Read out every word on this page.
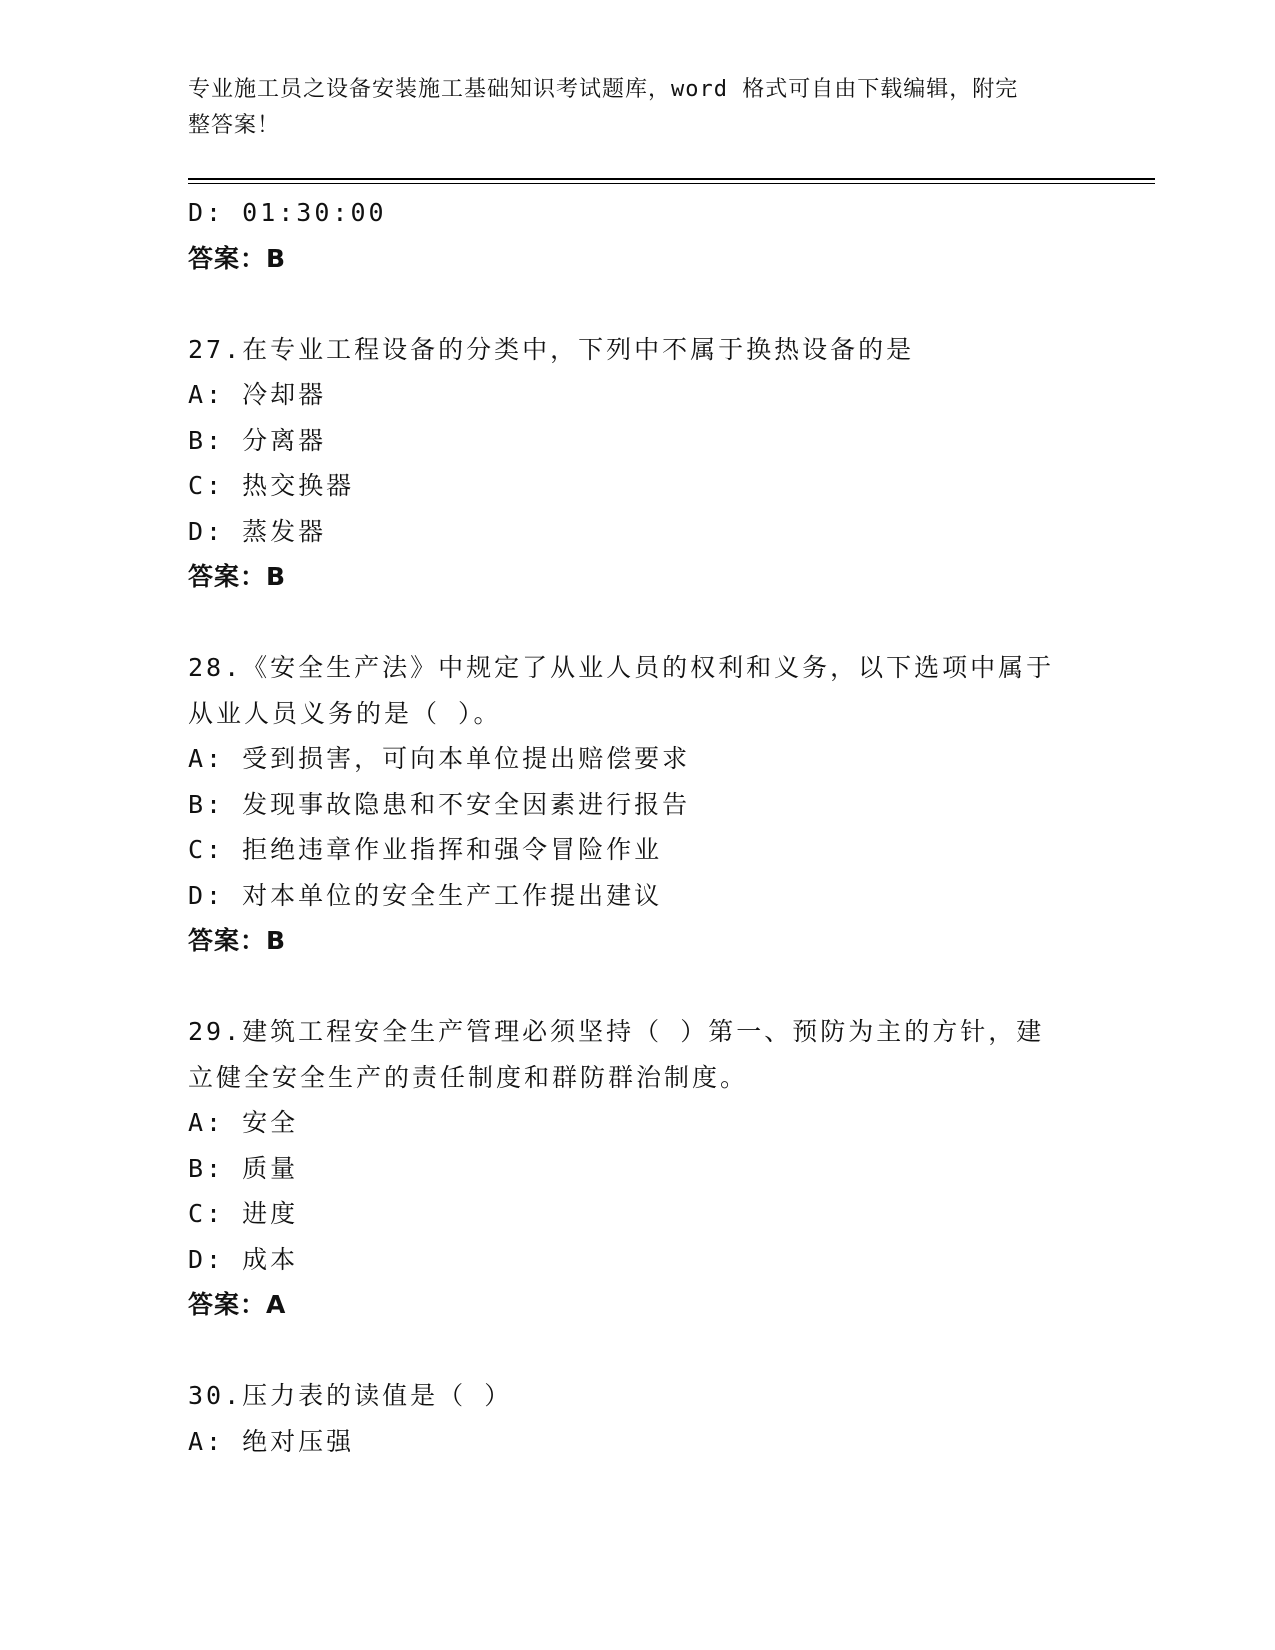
专业施工员之设备安装施工基础知识考试题库，word 格式可自由下载编辑，附完
整答案！
D: 01:30:00
答案：B
27.在专业工程设备的分类中，下列中不属于换热设备的是
A: 冷却器
B: 分离器
C: 热交换器
D: 蒸发器
答案：B
28.《安全生产法》中规定了从业人员的权利和义务，以下选项中属于
从业人员义务的是（ ）。
A: 受到损害，可向本单位提出赔偿要求
B: 发现事故隐患和不安全因素进行报告
C: 拒绝违章作业指挥和强令冒险作业
D: 对本单位的安全生产工作提出建议
答案：B
29.建筑工程安全生产管理必须坚持（ ）第一、预防为主的方针，建
立健全安全生产的责任制度和群防群治制度。
A: 安全
B: 质量
C: 进度
D: 成本
答案：A
30.压力表的读值是（ ）
A: 绝对压强
